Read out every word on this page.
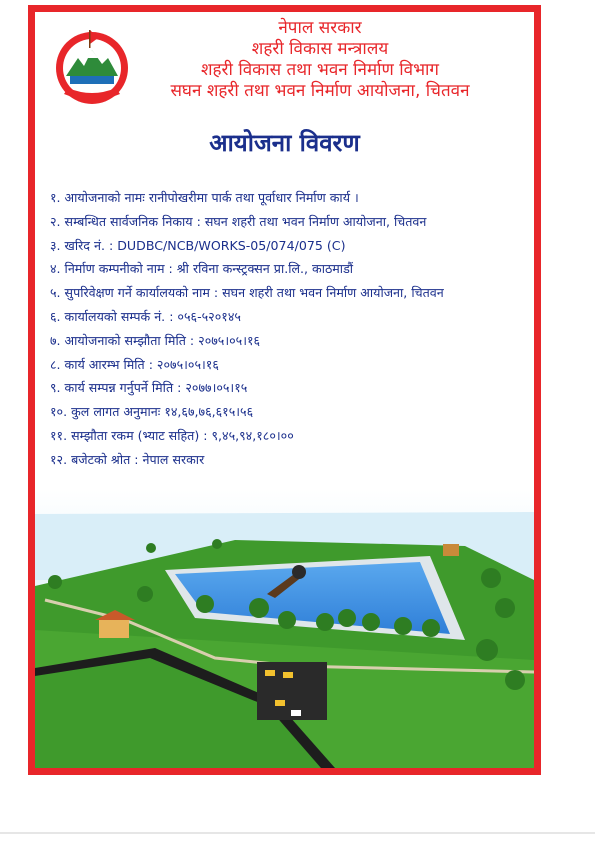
नेपाल सरकार
शहरी विकास मन्त्रालय
शहरी विकास तथा भवन निर्माण विभाग
सघन शहरी तथा भवन निर्माण आयोजना, चितवन
आयोजना विवरण
१. आयोजनाको नामः रानीपोखरीमा पार्क तथा पूर्वाधार निर्माण कार्य ।
२. सम्बन्धित सार्वजनिक निकाय : सघन शहरी तथा भवन निर्माण आयोजना, चितवन
३. खरिद नं. : DUDBC/NCB/WORKS-05/074/075 (C)
४. निर्माण कम्पनीको नाम : श्री रविना कन्स्ट्रक्सन प्रा.लि., काठमाडौं
५. सुपरिवेक्षण गर्ने कार्यालयको नाम : सघन शहरी तथा भवन निर्माण आयोजना, चितवन
६. कार्यालयको सम्पर्क नं. : ०५६-५२०१४५
७. आयोजनाको सम्झौता मिति : २०७५।०५।१६
८. कार्य आरम्भ मिति : २०७५।०५।१६
९. कार्य सम्पन्न गर्नुपर्ने मिति : २०७७।०५।१५
१०. कुल लागत अनुमानः १४,६७,७६,६१५।५६
११. सम्झौता रकम (भ्याट सहित) : ९,४५,९४,१८०।००
१२. बजेटको श्रोत : नेपाल सरकार
